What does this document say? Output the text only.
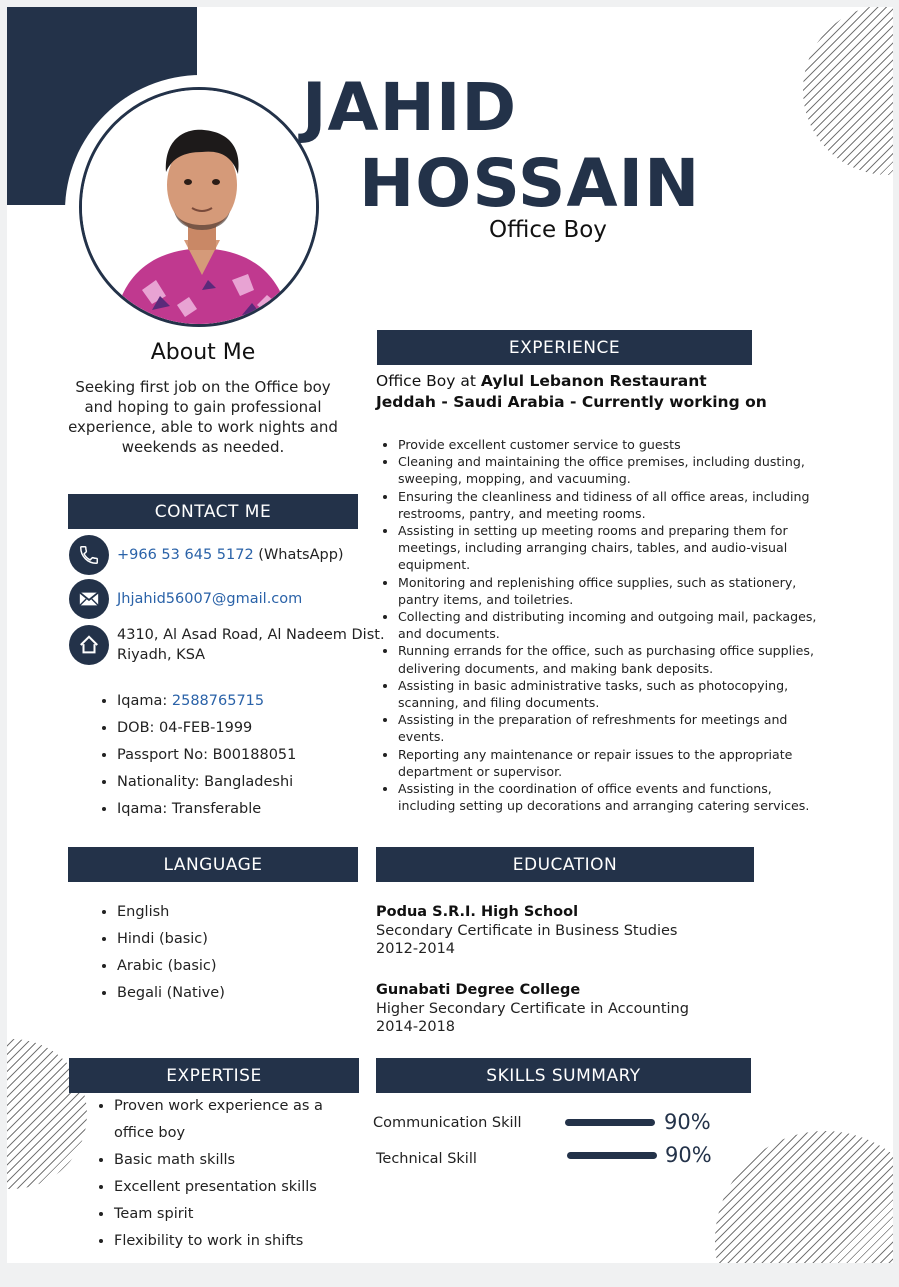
JAHID
HOSSAIN
Office Boy
About Me
Seeking first job on the Office boy and hoping to gain professional experience, able to work nights and weekends as needed.
CONTACT ME
+966 53 645 5172 (WhatsApp)
Jhjahid56007@gmail.com
4310, Al Asad Road, Al Nadeem Dist.
Riyadh, KSA
• Iqama: 2588765715
• DOB: 04-FEB-1999
• Passport No: B00188051
• Nationality: Bangladeshi
• Iqama: Transferable
LANGUAGE
• English
• Hindi (basic)
• Arabic (basic)
• Begali (Native)
EXPERTISE
• Proven work experience as a office boy
• Basic math skills
• Excellent presentation skills
• Team spirit
• Flexibility to work in shifts
EXPERIENCE
Office Boy at Aylul Lebanon Restaurant
Jeddah - Saudi Arabia - Currently working on
• Provide excellent customer service to guests
• Cleaning and maintaining the office premises, including dusting, sweeping, mopping, and vacuuming.
• Ensuring the cleanliness and tidiness of all office areas, including restrooms, pantry, and meeting rooms.
• Assisting in setting up meeting rooms and preparing them for meetings, including arranging chairs, tables, and audio-visual equipment.
• Monitoring and replenishing office supplies, such as stationery, pantry items, and toiletries.
• Collecting and distributing incoming and outgoing mail, packages, and documents.
• Running errands for the office, such as purchasing office supplies, delivering documents, and making bank deposits.
• Assisting in basic administrative tasks, such as photocopying, scanning, and filing documents.
• Assisting in the preparation of refreshments for meetings and events.
• Reporting any maintenance or repair issues to the appropriate department or supervisor.
• Assisting in the coordination of office events and functions, including setting up decorations and arranging catering services.
EDUCATION
Podua S.R.I. High School
Secondary Certificate in Business Studies
2012-2014
Gunabati Degree College
Higher Secondary Certificate in Accounting
2014-2018
SKILLS SUMMARY
Communication Skill	90%
Technical Skill	90%
